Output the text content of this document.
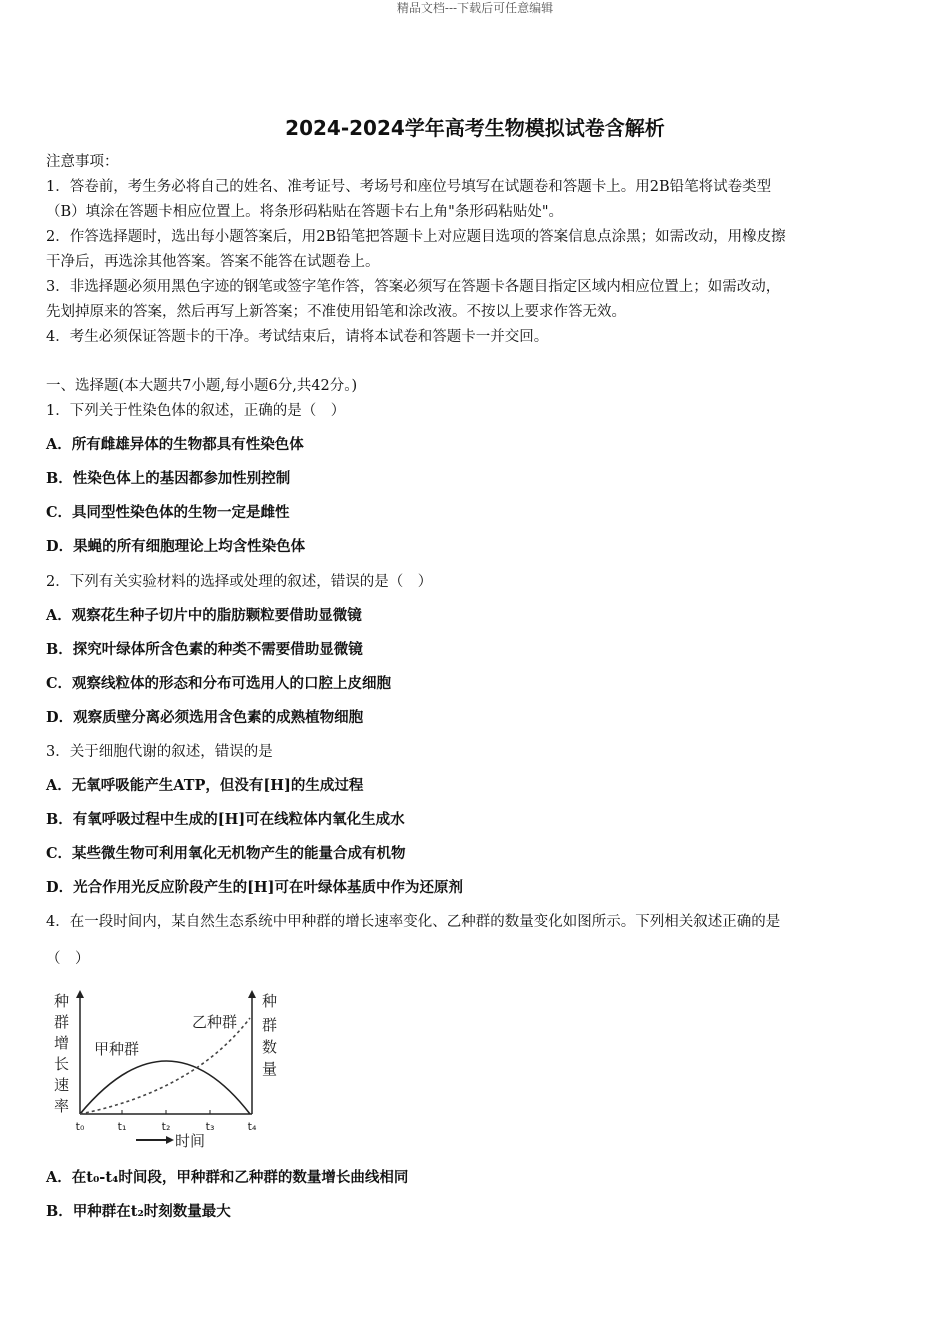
精品文档---下载后可任意编辑
2024-2024学年高考生物模拟试卷含解析
注意事项：
1．答卷前，考生务必将自己的姓名、准考证号、考场号和座位号填写在试题卷和答题卡上。用2B铅笔将试卷类型
（B）填涂在答题卡相应位置上。将条形码粘贴在答题卡右上角"条形码粘贴处"。
2．作答选择题时，选出每小题答案后，用2B铅笔把答题卡上对应题目选项的答案信息点涂黑；如需改动，用橡皮擦
干净后，再选涂其他答案。答案不能答在试题卷上。
3．非选择题必须用黑色字迹的钢笔或签字笔作答，答案必须写在答题卡各题目指定区域内相应位置上；如需改动，
先划掉原来的答案，然后再写上新答案；不准使用铅笔和涂改液。不按以上要求作答无效。
4．考生必须保证答题卡的干净。考试结束后，请将本试卷和答题卡一并交回。
一、选择题(本大题共7小题,每小题6分,共42分。)
1．下列关于性染色体的叙述，正确的是（　）
A．所有雌雄异体的生物都具有性染色体
B．性染色体上的基因都参加性别控制
C．具同型性染色体的生物一定是雌性
D．果蝇的所有细胞理论上均含性染色体
2．下列有关实验材料的选择或处理的叙述，错误的是（　）
A．观察花生种子切片中的脂肪颗粒要借助显微镜
B．探究叶绿体所含色素的种类不需要借助显微镜
C．观察线粒体的形态和分布可选用人的口腔上皮细胞
D．观察质壁分离必须选用含色素的成熟植物细胞
3．关于细胞代谢的叙述，错误的是
A．无氧呼吸能产生ATP，但没有[H]的生成过程
B．有氧呼吸过程中生成的[H]可在线粒体内氧化生成水
C．某些微生物可利用氧化无机物产生的能量合成有机物
D．光合作用光反应阶段产生的[H]可在叶绿体基质中作为还原剂
4．在一段时间内，某自然生态系统中甲种群的增长速率变化、乙种群的数量变化如图所示。下列相关叙述正确的是
（　）
种
群
增
长
速
率
种
群
数
量
甲种群
乙种群
t₀	t₁	t₂	t₃	t₄
时间
A．在t₀-t₄时间段，甲种群和乙种群的数量增长曲线相同
B．甲种群在t₂时刻数量最大
